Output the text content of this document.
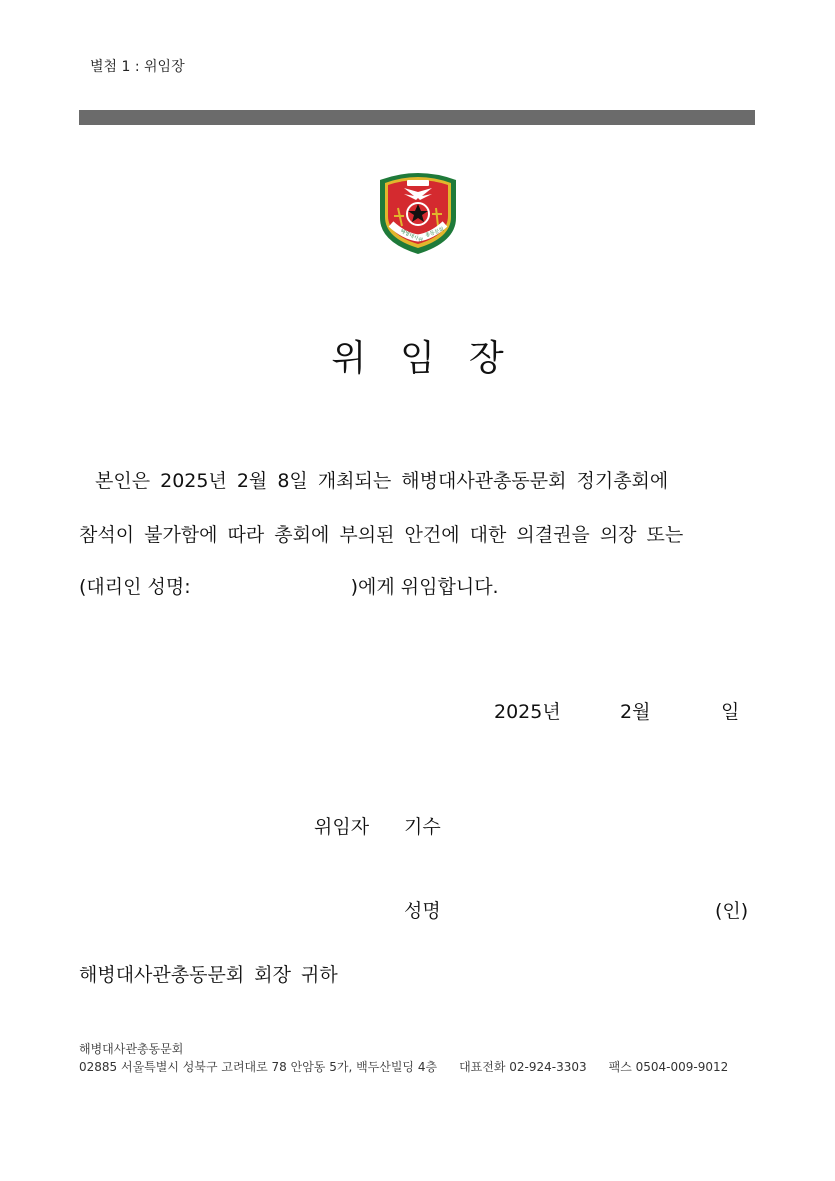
별첨 1 : 위임장
해병대사관 총동문회
위임장
본인은 2025년 2월 8일 개최되는 해병대사관총동문회 정기총회에
참석이 불가함에 따라 총회에 부의된 안건에 대한 의결권을 의장 또는
(대리인 성명:	)에게 위임합니다.
2025년	2월	일
위임자 기수
성명	(인)
해병대사관총동문회 회장 귀하
해병대사관총동문회
02885 서울특별시 성북구 고려대로 78 안암동 5가, 백두산빌딩 4층 대표전화 02-924-3303 팩스 0504-009-9012
